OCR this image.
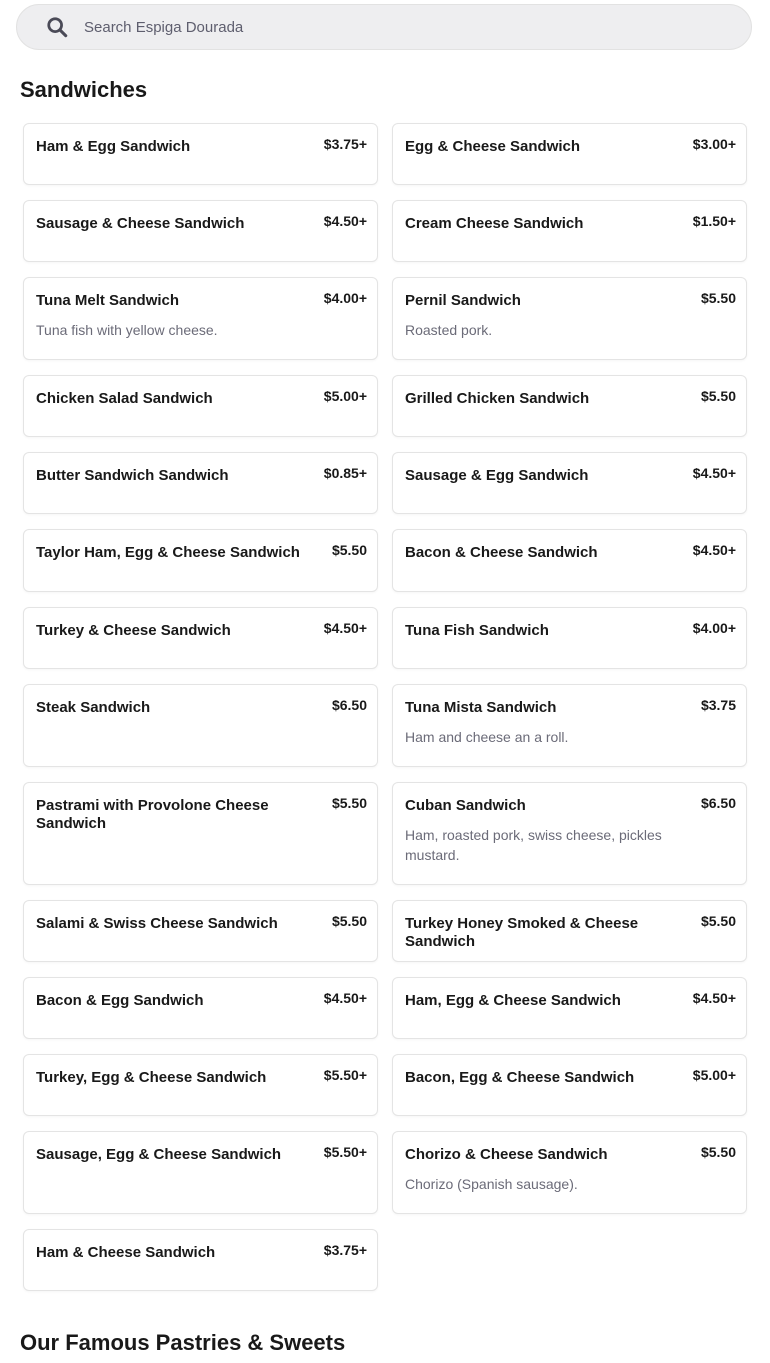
Search Espiga Dourada
Sandwiches
Ham & Egg Sandwich	$3.75+	Egg & Cheese Sandwich	$3.00+
Sausage & Cheese Sandwich	$4.50+	Cream Cheese Sandwich	$1.50+
Tuna Melt Sandwich	$4.00+
Tuna fish with yellow cheese.
Pernil Sandwich	$5.50
Roasted pork.
Chicken Salad Sandwich	$5.00+	Grilled Chicken Sandwich	$5.50
Butter Sandwich Sandwich	$0.85+	Sausage & Egg Sandwich	$4.50+
Taylor Ham, Egg & Cheese Sandwich	$5.50	Bacon & Cheese Sandwich	$4.50+
Turkey & Cheese Sandwich	$4.50+	Tuna Fish Sandwich	$4.00+
Steak Sandwich	$6.50	Tuna Mista Sandwich	$3.75
Ham and cheese an a roll.
Pastrami with Provolone Cheese Sandwich
$5.50	Cuban Sandwich	$6.50
Ham, roasted pork, swiss cheese, pickles mustard.
Salami & Swiss Cheese Sandwich	$5.50	Turkey Honey Smoked & Cheese Sandwich
$5.50
Bacon & Egg Sandwich	$4.50+	Ham, Egg & Cheese Sandwich	$4.50+
Turkey, Egg & Cheese Sandwich	$5.50+	Bacon, Egg & Cheese Sandwich	$5.00+
Sausage, Egg & Cheese Sandwich	$5.50+	Chorizo & Cheese Sandwich	$5.50
Chorizo (Spanish sausage).
Ham & Cheese Sandwich	$3.75+
Our Famous Pastries & Sweets
